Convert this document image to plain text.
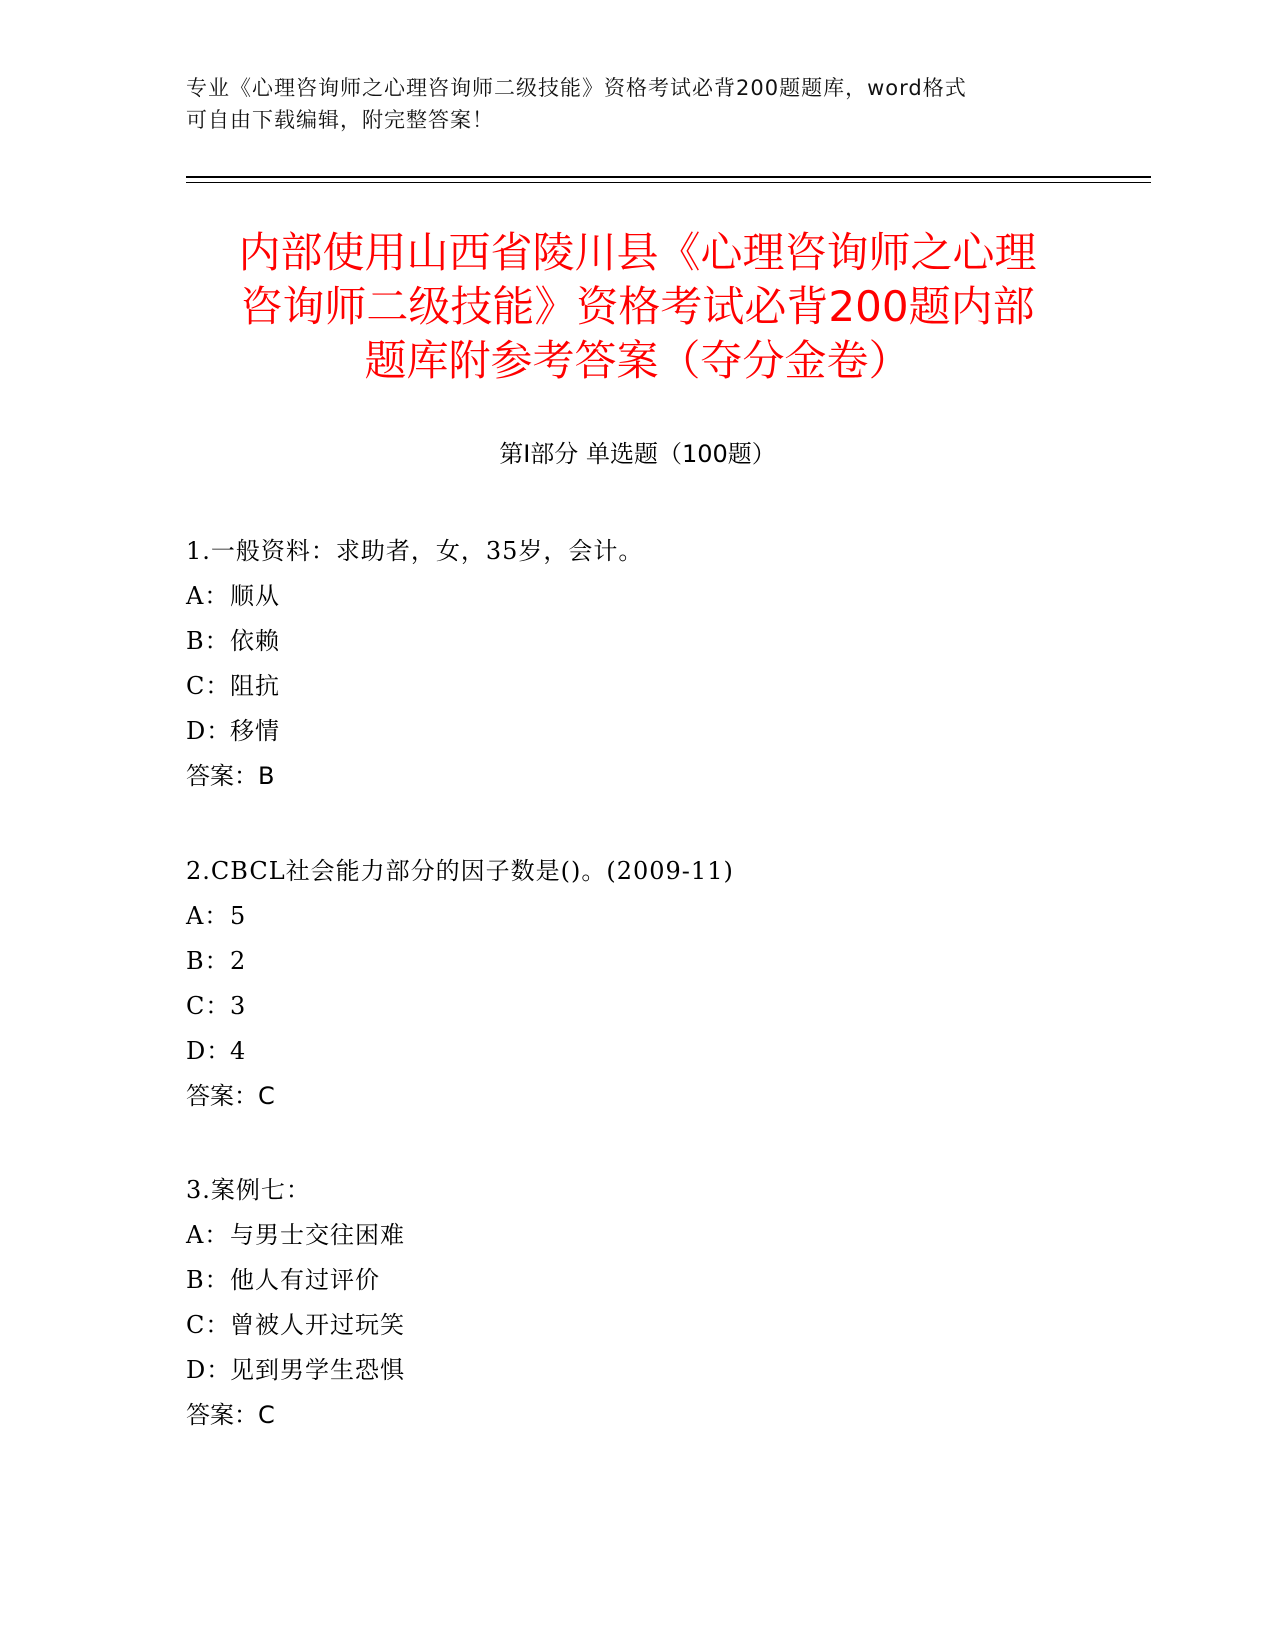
专业《心理咨询师之心理咨询师二级技能》资格考试必背200题题库，word格式
可自由下载编辑，附完整答案！
内部使用山西省陵川县《心理咨询师之心理
咨询师二级技能》资格考试必背200题内部
题库附参考答案（夺分金卷）
第Ⅰ部分 单选题（100题）
1.一般资料：求助者，女，35岁，会计。
A：顺从
B：依赖
C：阻抗
D：移情
答案：B
2.CBCL社会能力部分的因子数是()。(2009-11)
A：5
B：2
C：3
D：4
答案：C
3.案例七：
A：与男士交往困难
B：他人有过评价
C：曾被人开过玩笑
D：见到男学生恐惧
答案：C
